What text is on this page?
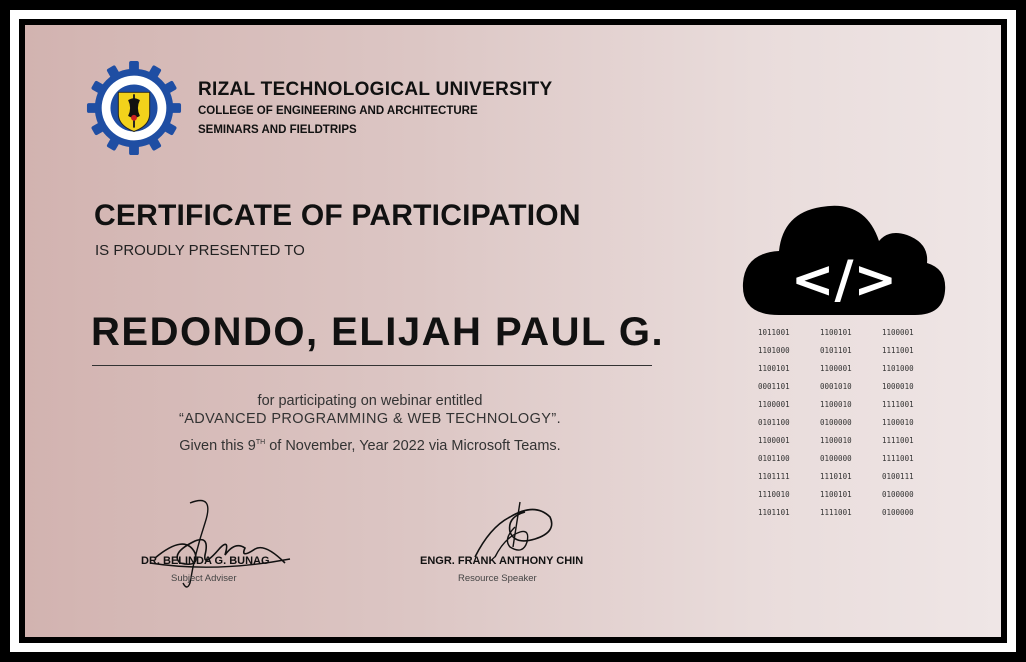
RIZAL TECHNOLOGICAL UNIVERSITY
COLLEGE OF ENGINEERING AND ARCHITECTURE
SEMINARS AND FIELDTRIPS
CERTIFICATE OF PARTICIPATION
IS PROUDLY PRESENTED TO
REDONDO, ELIJAH PAUL G.
for participating on webinar entitled
“ADVANCED PROGRAMMING & WEB TECHNOLOGY”.
Given this 9TH of November, Year 2022 via Microsoft Teams.
DR. BELINDA G. BUNAG
Subject Adviser
ENGR. FRANK ANTHONY CHIN
Resource Speaker
</>
1011001	1100101	1100001
1101000	0101101	1111001
1100101	1100001	1101000
0001101	0001010	1000010
1100001	1100010	1111001
0101100	0100000	1100010
1100001	1100010	1111001
0101100	0100000	1111001
1101111	1110101	0100111
1110010	1100101	0100000
1101101	1111001	0100000
